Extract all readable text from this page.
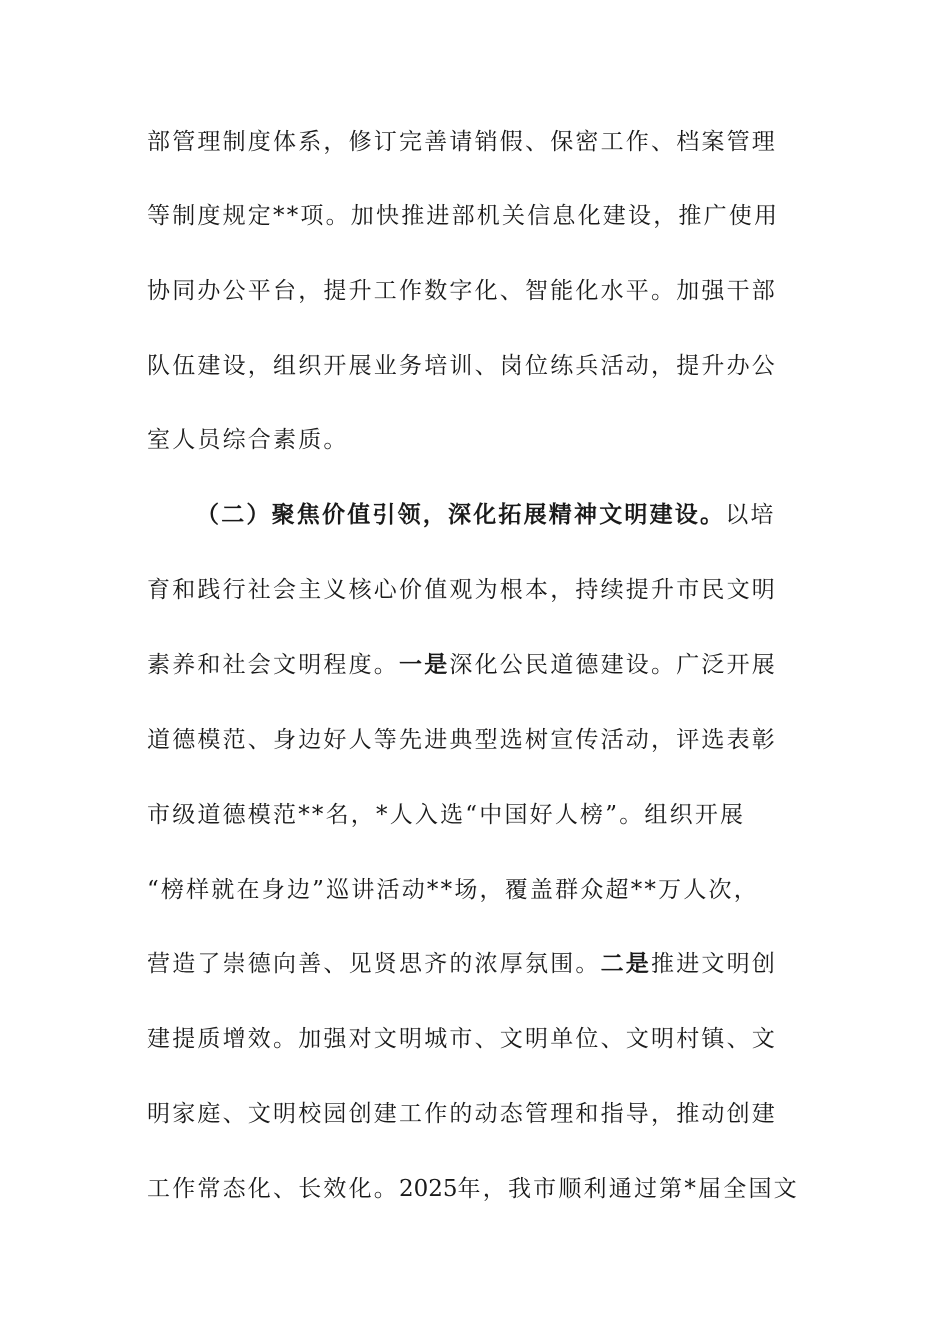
部管理制度体系，修订完善请销假、保密工作、档案管理
等制度规定**项。加快推进部机关信息化建设，推广使用
协同办公平台，提升工作数字化、智能化水平。加强干部
队伍建设，组织开展业务培训、岗位练兵活动，提升办公
室人员综合素质。
（二）聚焦价值引领，深化拓展精神文明建设。以培
育和践行社会主义核心价值观为根本，持续提升市民文明
素养和社会文明程度。一是深化公民道德建设。广泛开展
道德模范、身边好人等先进典型选树宣传活动，评选表彰
市级道德模范**名，*人入选“中国好人榜”。组织开展
“榜样就在身边”巡讲活动**场，覆盖群众超**万人次，
营造了崇德向善、见贤思齐的浓厚氛围。二是推进文明创
建提质增效。加强对文明城市、文明单位、文明村镇、文
明家庭、文明校园创建工作的动态管理和指导，推动创建
工作常态化、长效化。2025年，我市顺利通过第*届全国文
